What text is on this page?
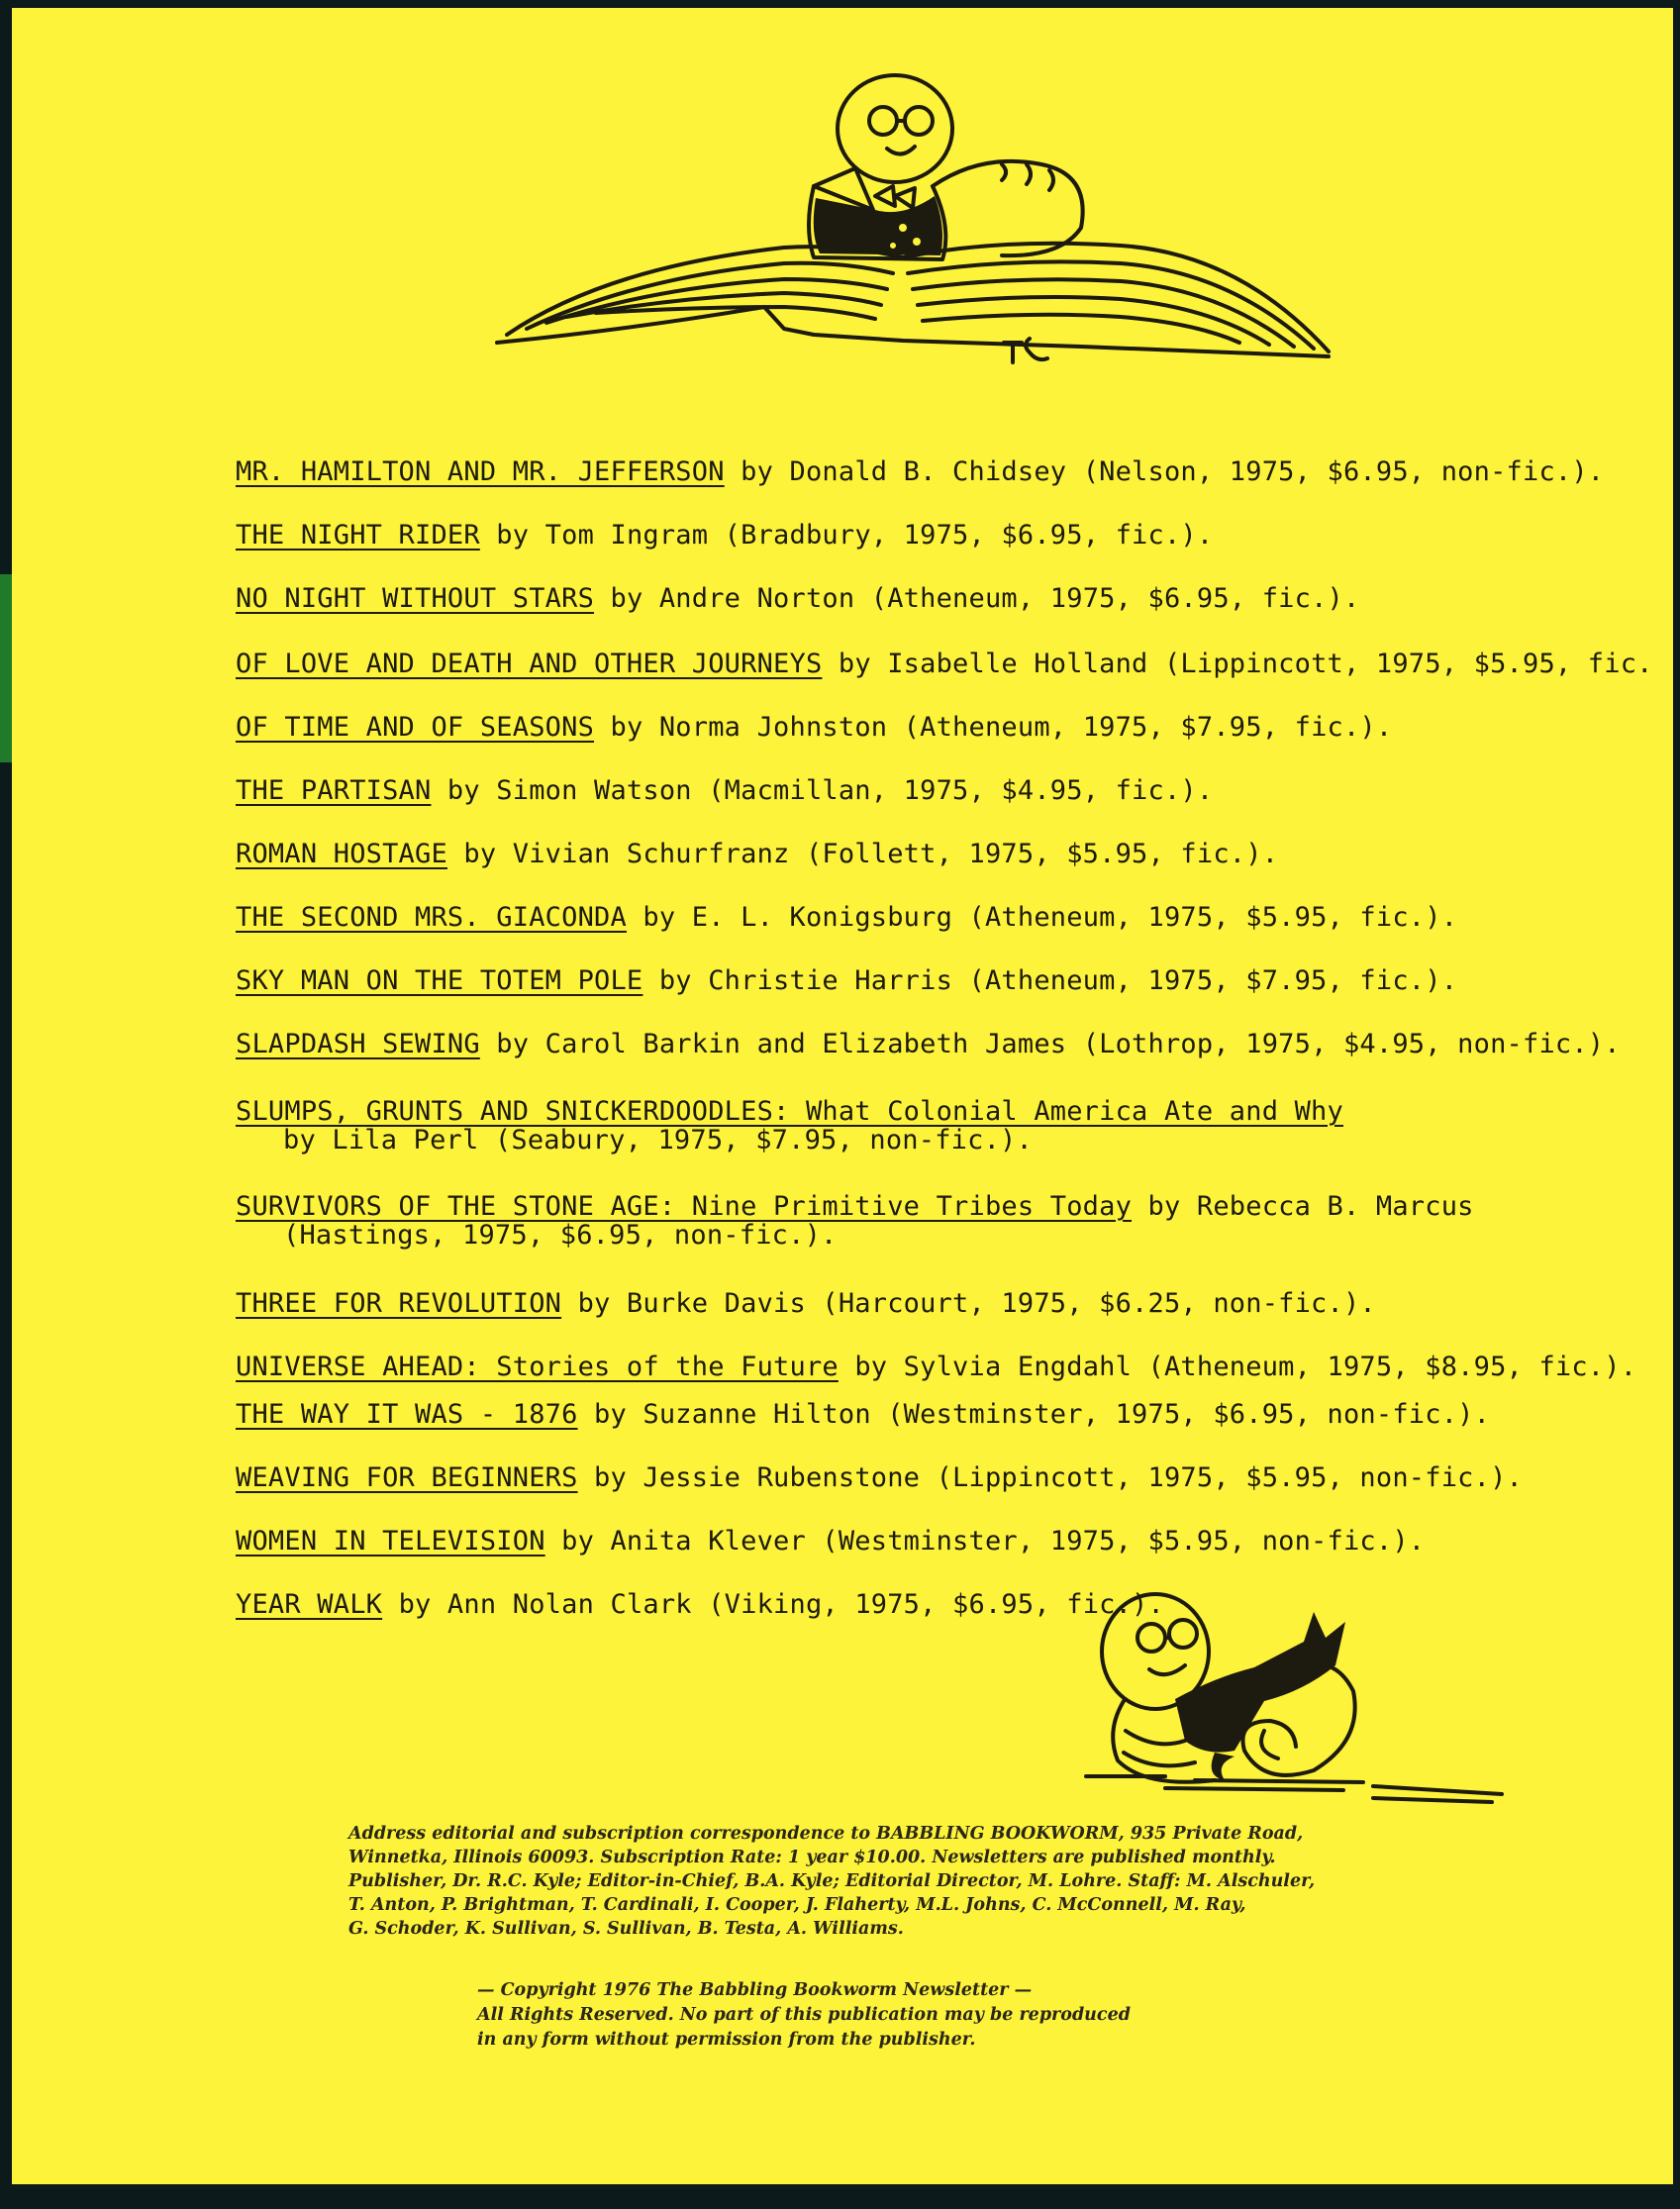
MR. HAMILTON AND MR. JEFFERSON by Donald B. Chidsey (Nelson, 1975, $6.95, non-fic.).
THE NIGHT RIDER by Tom Ingram (Bradbury, 1975, $6.95, fic.).
NO NIGHT WITHOUT STARS by Andre Norton (Atheneum, 1975, $6.95, fic.).
OF LOVE AND DEATH AND OTHER JOURNEYS by Isabelle Holland (Lippincott, 1975, $5.95, fic.
OF TIME AND OF SEASONS by Norma Johnston (Atheneum, 1975, $7.95, fic.).
THE PARTISAN by Simon Watson (Macmillan, 1975, $4.95, fic.).
ROMAN HOSTAGE by Vivian Schurfranz (Follett, 1975, $5.95, fic.).
THE SECOND MRS. GIACONDA by E. L. Konigsburg (Atheneum, 1975, $5.95, fic.).
SKY MAN ON THE TOTEM POLE by Christie Harris (Atheneum, 1975, $7.95, fic.).
SLAPDASH SEWING by Carol Barkin and Elizabeth James (Lothrop, 1975, $4.95, non-fic.).
SLUMPS, GRUNTS AND SNICKERDOODLES: What Colonial America Ate and Why
by Lila Perl (Seabury, 1975, $7.95, non-fic.).
SURVIVORS OF THE STONE AGE: Nine Primitive Tribes Today by Rebecca B. Marcus
(Hastings, 1975, $6.95, non-fic.).
THREE FOR REVOLUTION by Burke Davis (Harcourt, 1975, $6.25, non-fic.).
UNIVERSE AHEAD: Stories of the Future by Sylvia Engdahl (Atheneum, 1975, $8.95, fic.).
THE WAY IT WAS - 1876 by Suzanne Hilton (Westminster, 1975, $6.95, non-fic.).
WEAVING FOR BEGINNERS by Jessie Rubenstone (Lippincott, 1975, $5.95, non-fic.).
WOMEN IN TELEVISION by Anita Klever (Westminster, 1975, $5.95, non-fic.).
YEAR WALK by Ann Nolan Clark (Viking, 1975, $6.95, fic.).
Address editorial and subscription correspondence to BABBLING BOOKWORM, 935 Private Road,
Winnetka, Illinois 60093. Subscription Rate: 1 year $10.00. Newsletters are published monthly.
Publisher, Dr. R.C. Kyle; Editor-in-Chief, B.A. Kyle; Editorial Director, M. Lohre. Staff: M. Alschuler,
T. Anton, P. Brightman, T. Cardinali, I. Cooper, J. Flaherty, M.L. Johns, C. McConnell, M. Ray,
G. Schoder, K. Sullivan, S. Sullivan, B. Testa, A. Williams.
— Copyright 1976 The Babbling Bookworm Newsletter —
All Rights Reserved. No part of this publication may be reproduced
in any form without permission from the publisher.
